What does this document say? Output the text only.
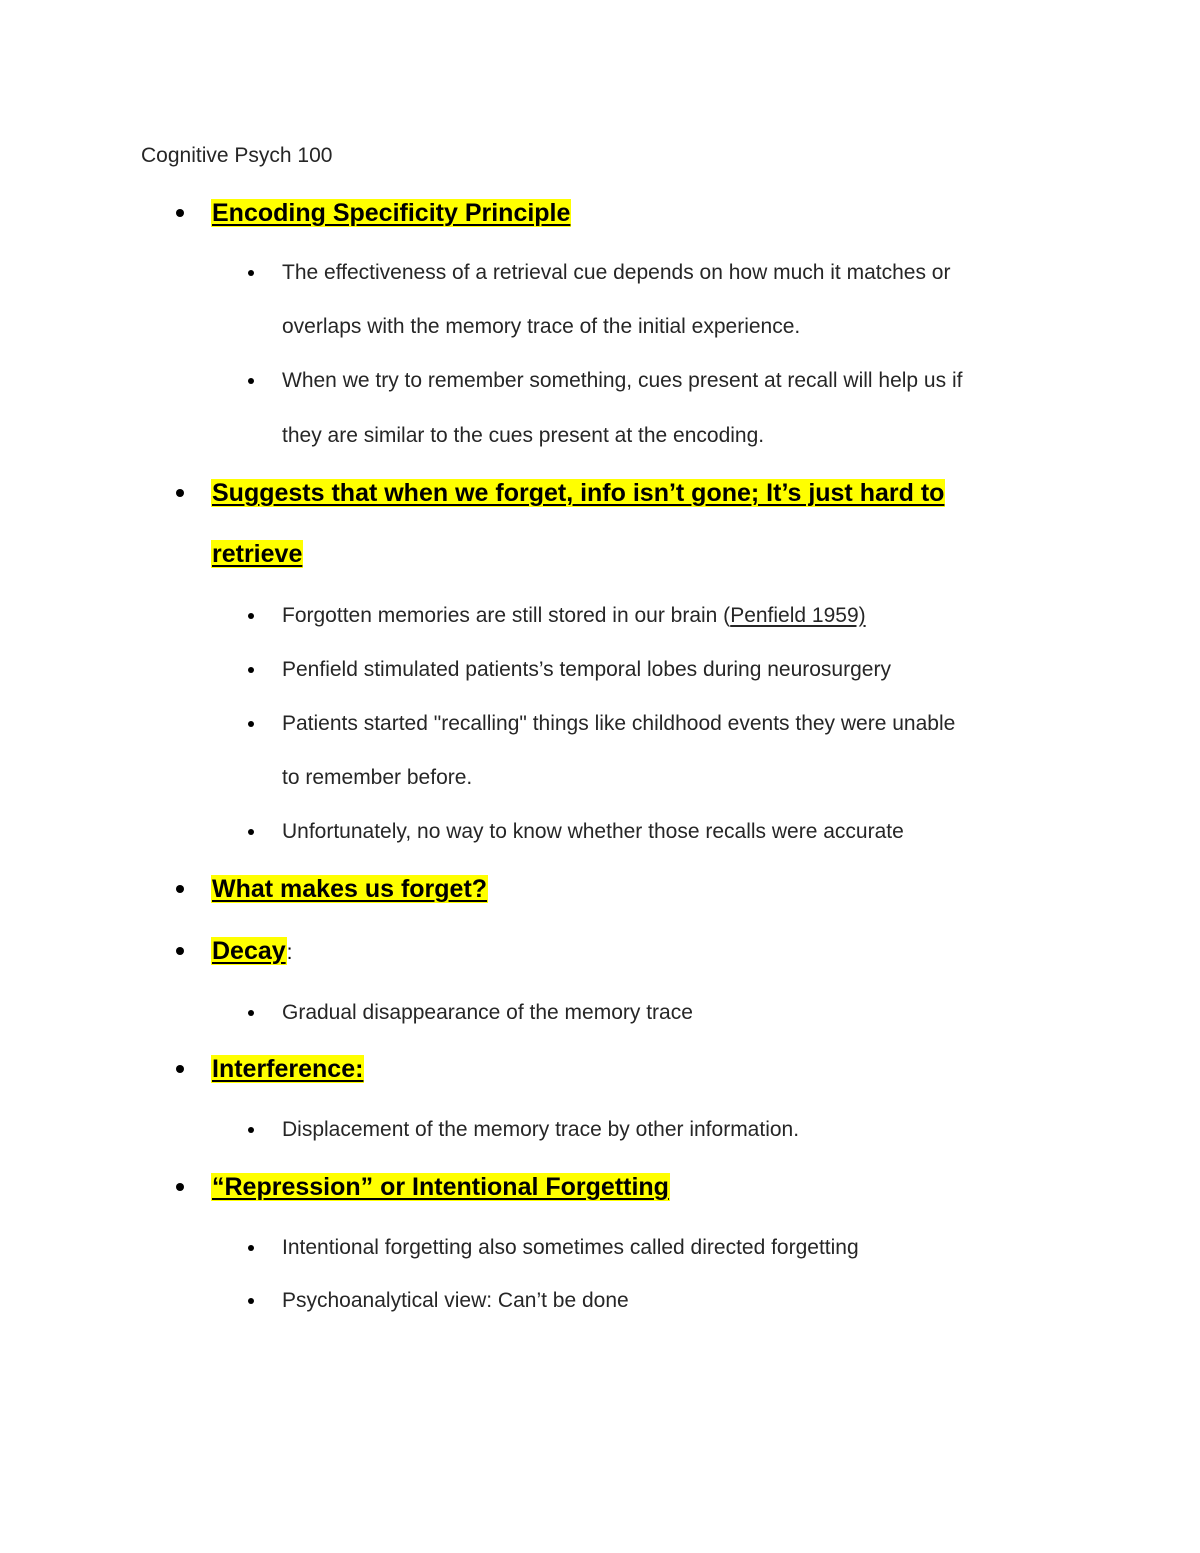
Cognitive Psych 100
Encoding Specificity Principle
The effectiveness of a retrieval cue depends on how much it matches or
overlaps with the memory trace of the initial experience.
When we try to remember something, cues present at recall will help us if
they are similar to the cues present at the encoding.
Suggests that when we forget, info isn’t gone; It’s just hard to
retrieve
Forgotten memories are still stored in our brain (Penfield 1959)
Penfield stimulated patients’s temporal lobes during neurosurgery
Patients started "recalling" things like childhood events they were unable
to remember before.
Unfortunately, no way to know whether those recalls were accurate
What makes us forget?
Decay:
Gradual disappearance of the memory trace
Interference:
Displacement of the memory trace by other information.
“Repression” or Intentional Forgetting
Intentional forgetting also sometimes called directed forgetting
Psychoanalytical view: Can’t be done
